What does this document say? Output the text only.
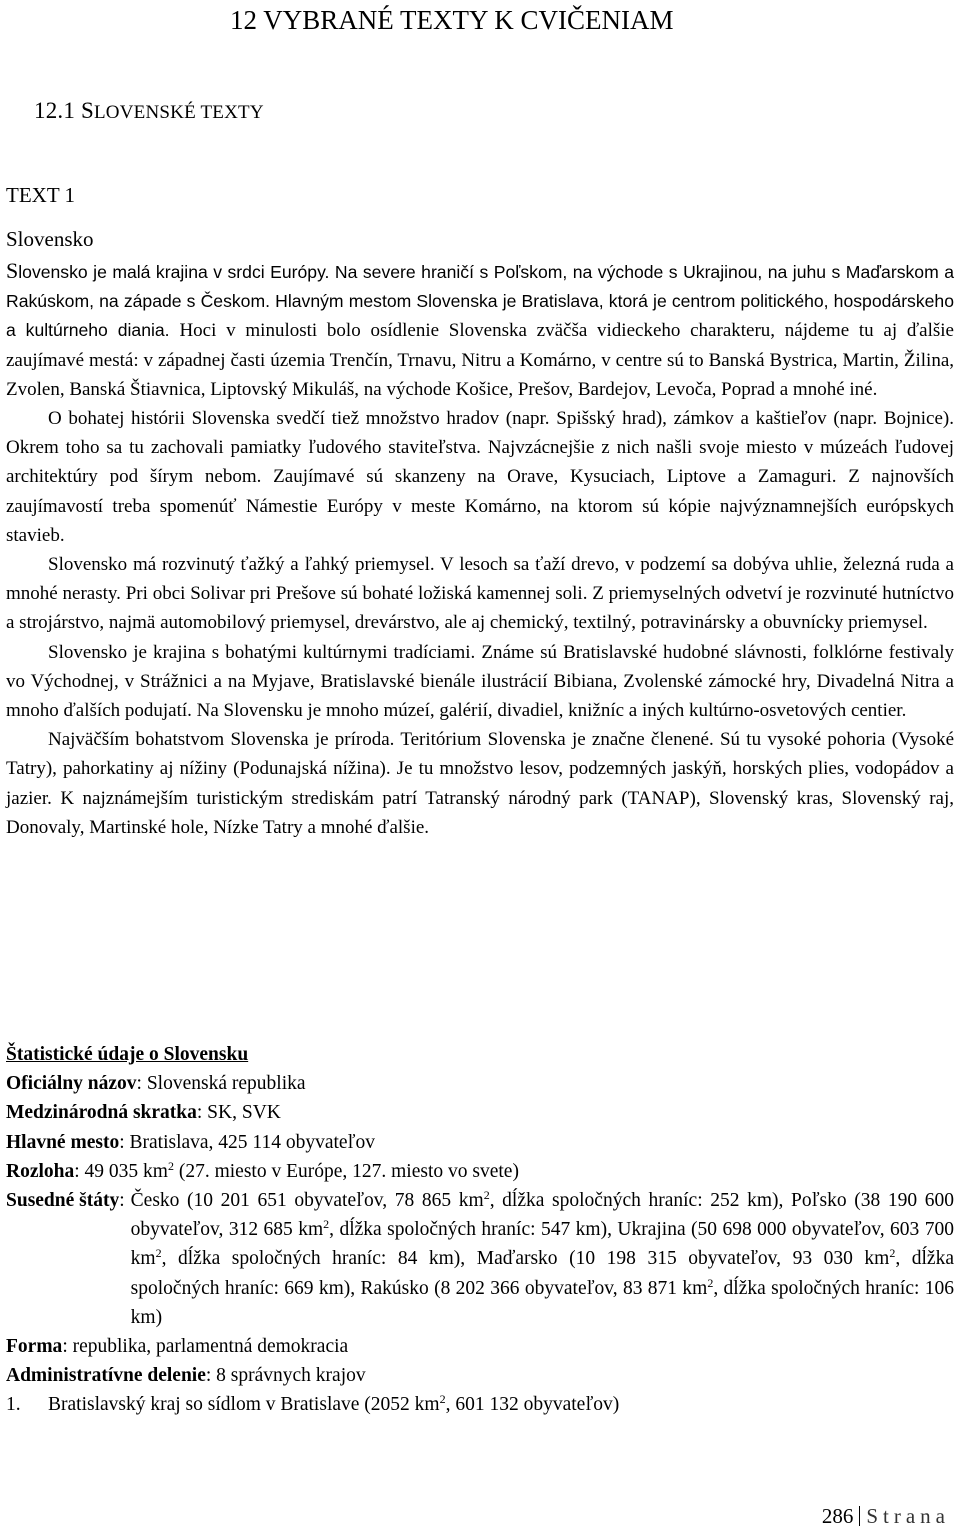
12 VYBRANÉ TEXTY K CVIČENIAM
12.1 SLOVENSKÉ TEXTY
TEXT 1
Slovensko

Slovensko je malá krajina v srdci Európy. Na severe hraničí s Poľskom, na východe s Ukrajinou, na juhu s Maďarskom a Rakúskom, na západe s Českom. Hlavným mestom Slovenska je Bratislava, ktorá je centrom politického, hospodárskeho a kultúrneho diania. Hoci v minulosti bolo osídlenie Slovenska zväčša vidieckeho charakteru, nájdeme tu aj ďalšie zaujímavé mestá: v západnej časti územia Trenčín, Trnavu, Nitru a Komárno, v centre sú to Banská Bystrica, Martin, Žilina, Zvolen, Banská Štiavnica, Liptovský Mikuláš, na východe Košice, Prešov, Bardejov, Levoča, Poprad a mnohé iné.

O bohatej histórii Slovenska svedčí tiež množstvo hradov (napr. Spišský hrad), zámkov a kaštieľov (napr. Bojnice). Okrem toho sa tu zachovali pamiatky ľudového staviteľstva. Najvzácnejšie z nich našli svoje miesto v múzeách ľudovej architektúry pod šírym nebom. Zaujímavé sú skanzeny na Orave, Kysuciach, Liptove a Zamaguri. Z najnovších zaujímavostí treba spomenúť Námestie Európy v meste Komárno, na ktorom sú kópie najvýznamnejších európskych stavieb.

Slovensko má rozvinutý ťažký a ľahký priemysel. V lesoch sa ťaží drevo, v podzemí sa dobýva uhlie, železná ruda a mnohé nerasty. Pri obci Solivar pri Prešove sú bohaté ložiská kamennej soli. Z priemyselných odvetví je rozvinuté hutníctvo a strojárstvo, najmä automobilový priemysel, drevárstvo, ale aj chemický, textilný, potravinársky a obuvnícky priemysel.

Slovensko je krajina s bohatými kultúrnymi tradíciami. Známe sú Bratislavské hudobné slávnosti, folklórne festivaly vo Východnej, v Strážnici a na Myjave, Bratislavské bienále ilustrácií Bibiana, Zvolenské zámocké hry, Divadelná Nitra a mnoho ďalších podujatí. Na Slovensku je mnoho múzeí, galérií, divadiel, knižníc a iných kultúrno-osvetových centier.

Najväčším bohatstvom Slovenska je príroda. Teritórium Slovenska je značne členené. Sú tu vysoké pohoria (Vysoké Tatry), pahorkatiny aj nížiny (Podunajská nížina). Je tu množstvo lesov, podzemných jaskýň, horských plies, vodopádov a jazier. K najznámejším turistickým strediskám patrí Tatranský národný park (TANAP), Slovenský kras, Slovenský raj, Donovaly, Martinské hole, Nízke Tatry a mnohé ďalšie.

Štatistické údaje o Slovensku
Oficiálny názov: Slovenská republika
Medzinárodná skratka: SK, SVK
Hlavné mesto: Bratislava, 425 114 obyvateľov
Rozloha: 49 035 $km^2$ (27. miesto v Európe, 127. miesto vo svete)
Susedné štáty: Česko (10 201 651 obyvateľov, 78 865 $km^2$, dĺžka spoločných hraníc: 252 km), Poľsko (38 190 600 obyvateľov, 312 685 $km^2$, dĺžka spoločných hraníc: 547 km), Ukrajina (50 698 000 obyvateľov, 603 700 $km^2$, dĺžka spoločných hraníc: 84 km), Maďarsko (10 198 315 obyvateľov, 93 030 $km^2$, dĺžka spoločných hraníc: 669 km), Rakúsko (8 202 366 obyvateľov, 83 871 $km^2$, dĺžka spoločných hraníc: 106 km)
Forma: republika, parlamentná demokracia
Administratívne delenie: 8 správnych krajov
1.	Bratislavský kraj so sídlom v Bratislave (2052 $km^2$, 601 132 obyvateľov)
286 Strana
